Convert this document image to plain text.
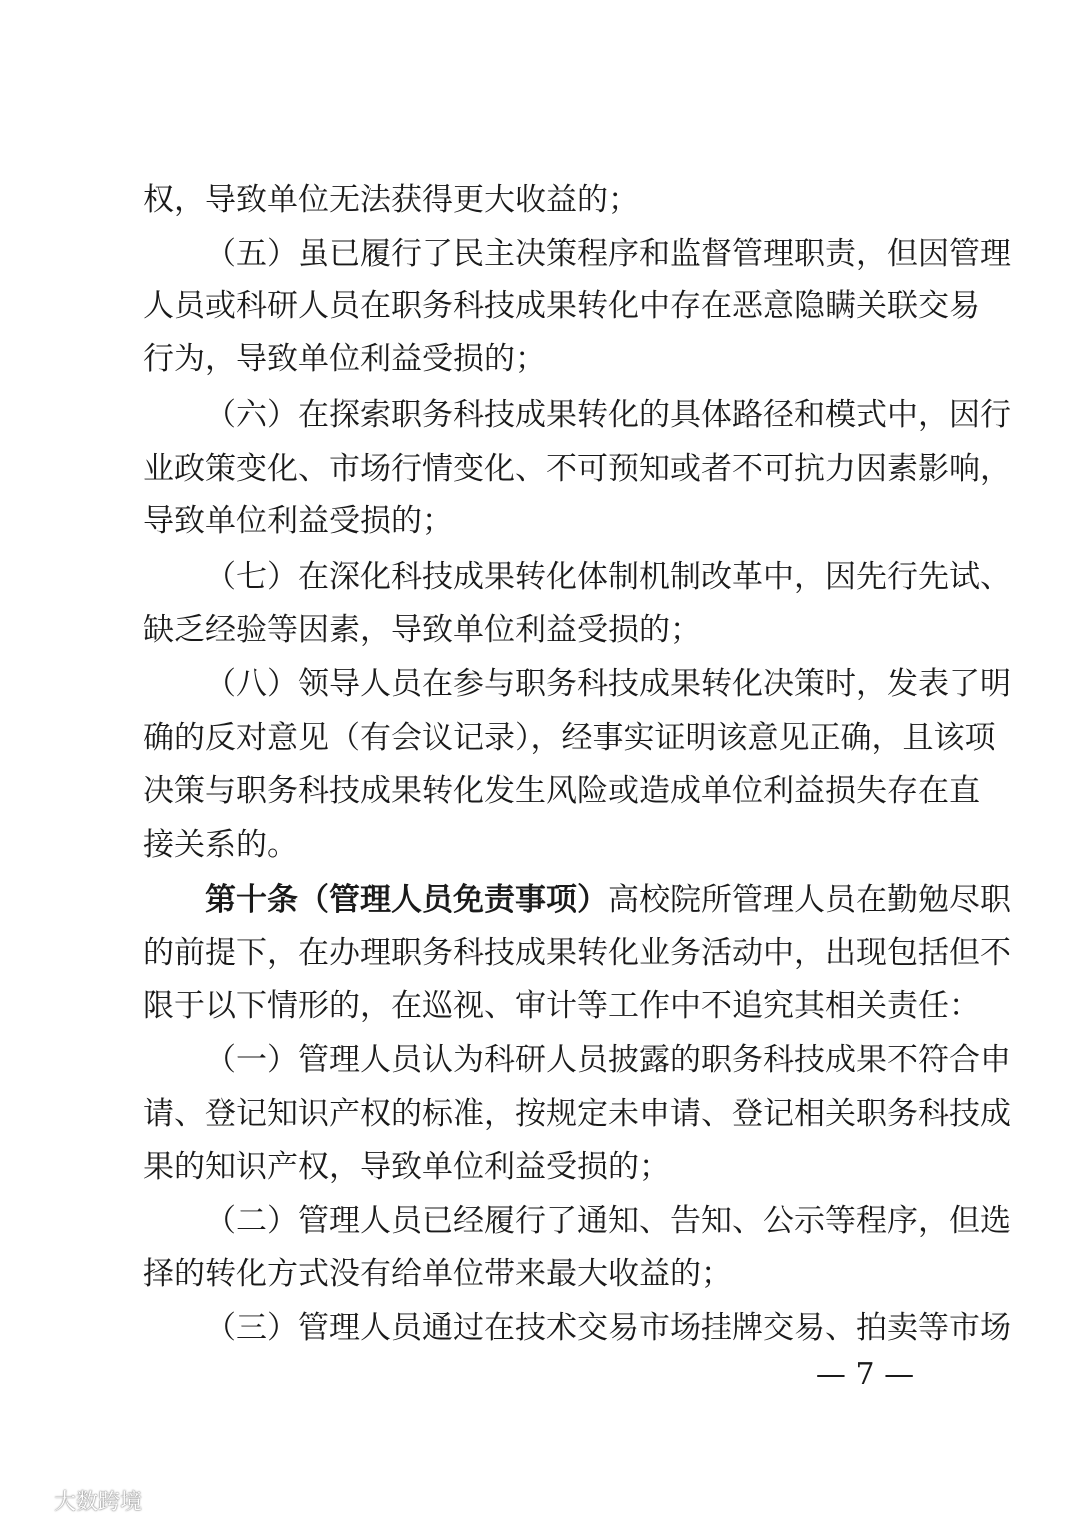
权，导致单位无法获得更大收益的；
（五）虽已履行了民主决策程序和监督管理职责，但因管理
人员或科研人员在职务科技成果转化中存在恶意隐瞒关联交易
行为，导致单位利益受损的；
（六）在探索职务科技成果转化的具体路径和模式中，因行
业政策变化、市场行情变化、不可预知或者不可抗力因素影响，
导致单位利益受损的；
（七）在深化科技成果转化体制机制改革中，因先行先试、
缺乏经验等因素，导致单位利益受损的；
（八）领导人员在参与职务科技成果转化决策时，发表了明
确的反对意见（有会议记录），经事实证明该意见正确，且该项
决策与职务科技成果转化发生风险或造成单位利益损失存在直
接关系的。
第十条（管理人员免责事项）高校院所管理人员在勤勉尽职
的前提下，在办理职务科技成果转化业务活动中，出现包括但不
限于以下情形的，在巡视、审计等工作中不追究其相关责任：
（一）管理人员认为科研人员披露的职务科技成果不符合申
请、登记知识产权的标准，按规定未申请、登记相关职务科技成
果的知识产权，导致单位利益受损的；
（二）管理人员已经履行了通知、告知、公示等程序，但选
择的转化方式没有给单位带来最大收益的；
（三）管理人员通过在技术交易市场挂牌交易、拍卖等市场
— 7 —
大数跨境
